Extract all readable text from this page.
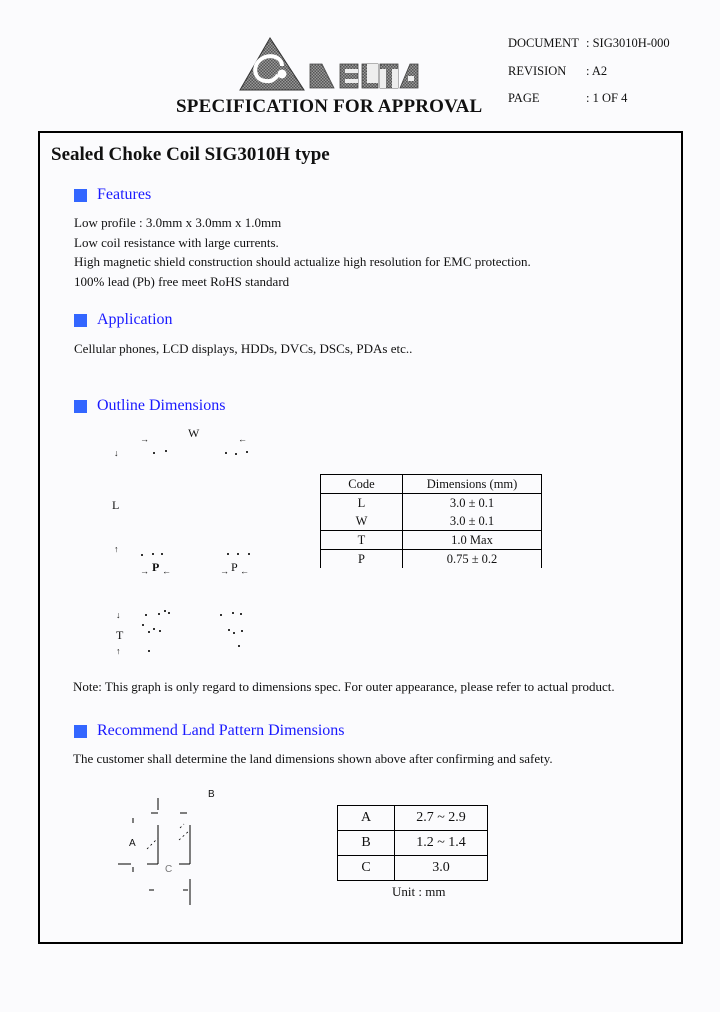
SPECIFICATION FOR APPROVAL
DOCUMENT : SIG3010H-000
REVISION	: A2
PAGE	: 1 OF 4
Sealed Choke Coil SIG3010H type
Features
Low profile : 3.0mm x 3.0mm x 1.0mm
Low coil resistance with large currents.
High magnetic shield construction should actualize high resolution for EMC protection.
100% lead (Pb) free meet RoHS standard
Application
Cellular phones, LCD displays, HDDs, DVCs, DSCs, PDAs etc..
Outline Dimensions
W
→	←
↓
L
↑
P
→ ←	P
→ ←
↓
T
↑
Code	Dimensions (mm)
L	3.0 ± 0.1
W	3.0 ± 0.1
T	1.0 Max
P	0.75 ± 0.2
Note: This graph is only regard to dimensions spec. For outer appearance, please refer to actual product.
Recommend Land Pattern Dimensions
The customer shall determine the land dimensions shown above after confirming and safety.
B
A
C
A	2.7 ~ 2.9
B	1.2 ~ 1.4
C	3.0
Unit : mm
